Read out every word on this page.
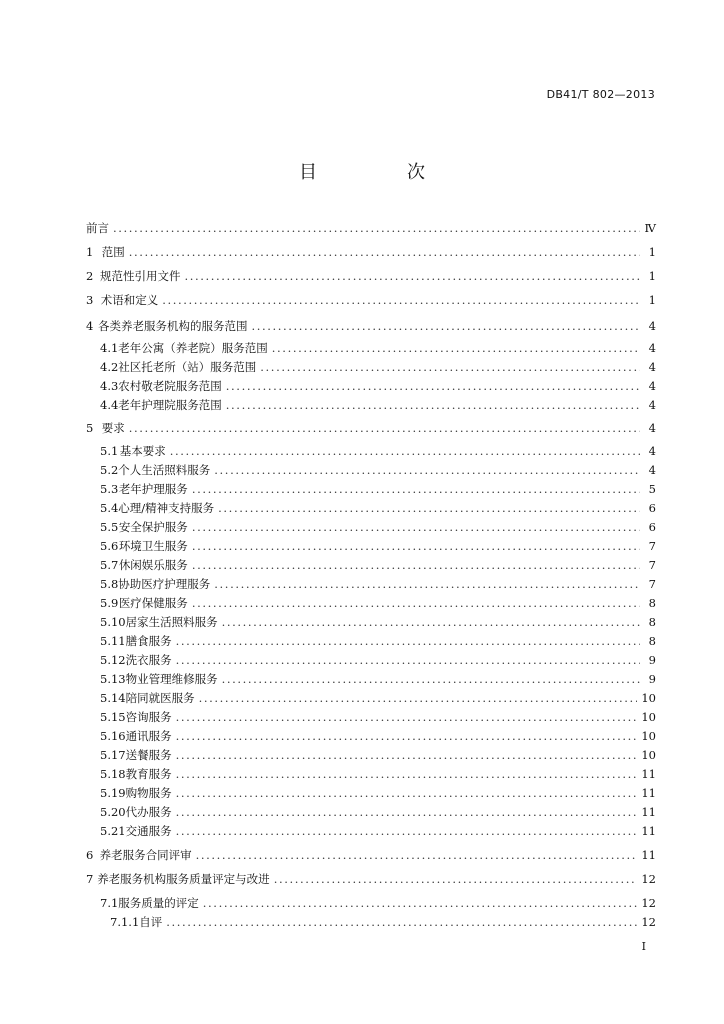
DB41/T 802—2013
目　次
前言 .....	Ⅳ
1 范围 .....	1
2 规范性引用文件 .....	1
3 术语和定义 .....	1
4 各类养老服务机构的服务范围 .....	4
4.1 老年公寓（养老院）服务范围 .....	4
4.2 社区托老所（站）服务范围 .....	4
4.3 农村敬老院服务范围 .....	4
4.4 老年护理院服务范围 .....	4
5 要求 .....	4
5.1 基本要求 .....	4
5.2 个人生活照料服务 .....	4
5.3 老年护理服务 .....	5
5.4 心理/精神支持服务 .....	6
5.5 安全保护服务 .....	6
5.6 环境卫生服务 .....	7
5.7 休闲娱乐服务 .....	7
5.8 协助医疗护理服务 .....	7
5.9 医疗保健服务 .....	8
5.10 居家生活照料服务 .....	8
5.11 膳食服务 .....	8
5.12 洗衣服务 .....	9
5.13 物业管理维修服务 .....	9
5.14 陪同就医服务 .....	10
5.15 咨询服务 .....	10
5.16 通讯服务 .....	10
5.17 送餐服务 .....	10
5.18 教育服务 .....	11
5.19 购物服务 .....	11
5.20 代办服务 .....	11
5.21 交通服务 .....	11
6 养老服务合同评审 .....	11
7 养老服务机构服务质量评定与改进 .....	12
7.1 服务质量的评定 .....	12
7.1.1 自评 .....	12
Ⅰ
